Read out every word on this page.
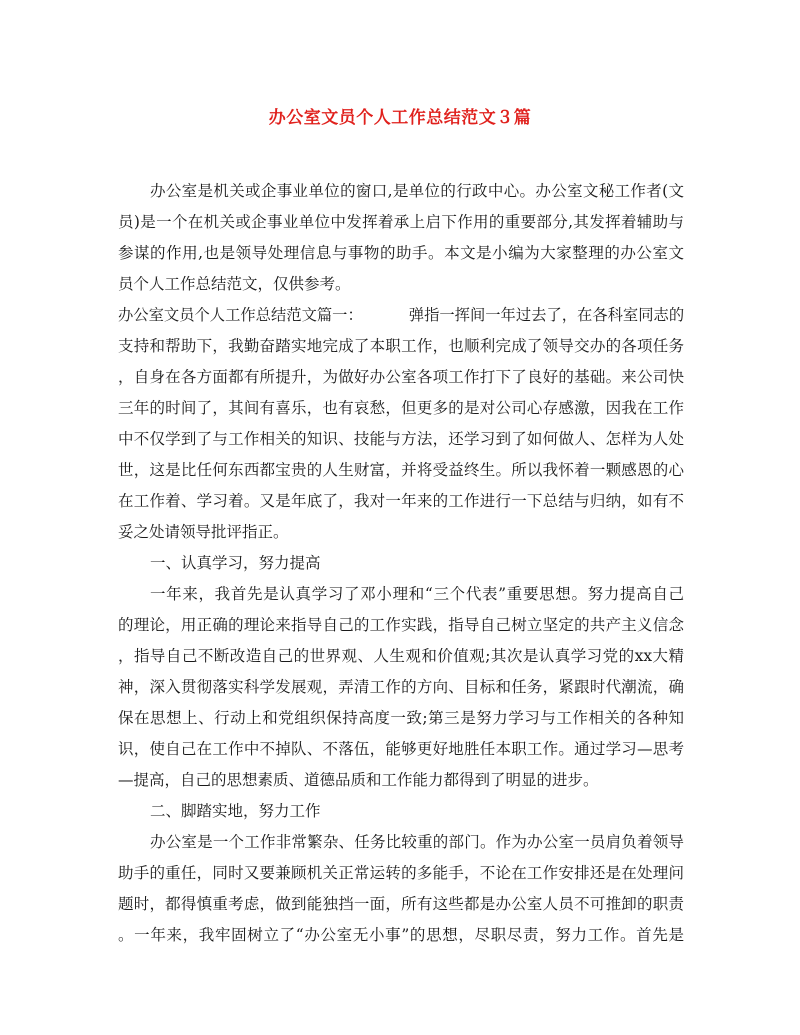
办公室文员个人工作总结范文３篇

办公室是机关或企事业单位的窗口,是单位的行政中心。办公室文秘工作者(文

员)是一个在机关或企事业单位中发挥着承上启下作用的重要部分,其发挥着辅助与

参谋的作用,也是领导处理信息与事物的助手。本文是小编为大家整理的办公室文

员个人工作总结范文，仅供参考。

办公室文员个人工作总结范文篇一：	弹指一挥间一年过去了，在各科室同志的

支持和帮助下，我勤奋踏实地完成了本职工作，也顺利完成了领导交办的各项任务

，自身在各方面都有所提升，为做好办公室各项工作打下了良好的基础。来公司快

三年的时间了，其间有喜乐，也有哀愁，但更多的是对公司心存感激，因我在工作

中不仅学到了与工作相关的知识、技能与方法，还学习到了如何做人、怎样为人处

世，这是比任何东西都宝贵的人生财富，并将受益终生。所以我怀着一颗感恩的心

在工作着、学习着。又是年底了，我对一年来的工作进行一下总结与归纳，如有不

妥之处请领导批评指正。

一、认真学习，努力提高

一年来，我首先是认真学习了邓小理和“三个代表”重要思想。努力提高自己

的理论，用正确的理论来指导自己的工作实践，指导自己树立坚定的共产主义信念

，指导自己不断改造自己的世界观、人生观和价值观;其次是认真学习党的xx大精

神，深入贯彻落实科学发展观，弄清工作的方向、目标和任务，紧跟时代潮流，确

保在思想上、行动上和党组织保持高度一致;第三是努力学习与工作相关的各种知

识，使自己在工作中不掉队、不落伍，能够更好地胜任本职工作。通过学习—思考

—提高，自己的思想素质、道德品质和工作能力都得到了明显的进步。

二、脚踏实地，努力工作

办公室是一个工作非常繁杂、任务比较重的部门。作为办公室一员肩负着领导

助手的重任，同时又要兼顾机关正常运转的多能手，不论在工作安排还是在处理问

题时，都得慎重考虑，做到能独挡一面，所有这些都是办公室人员不可推卸的职责

。一年来，我牢固树立了“办公室无小事”的思想，尽职尽责，努力工作。首先是
